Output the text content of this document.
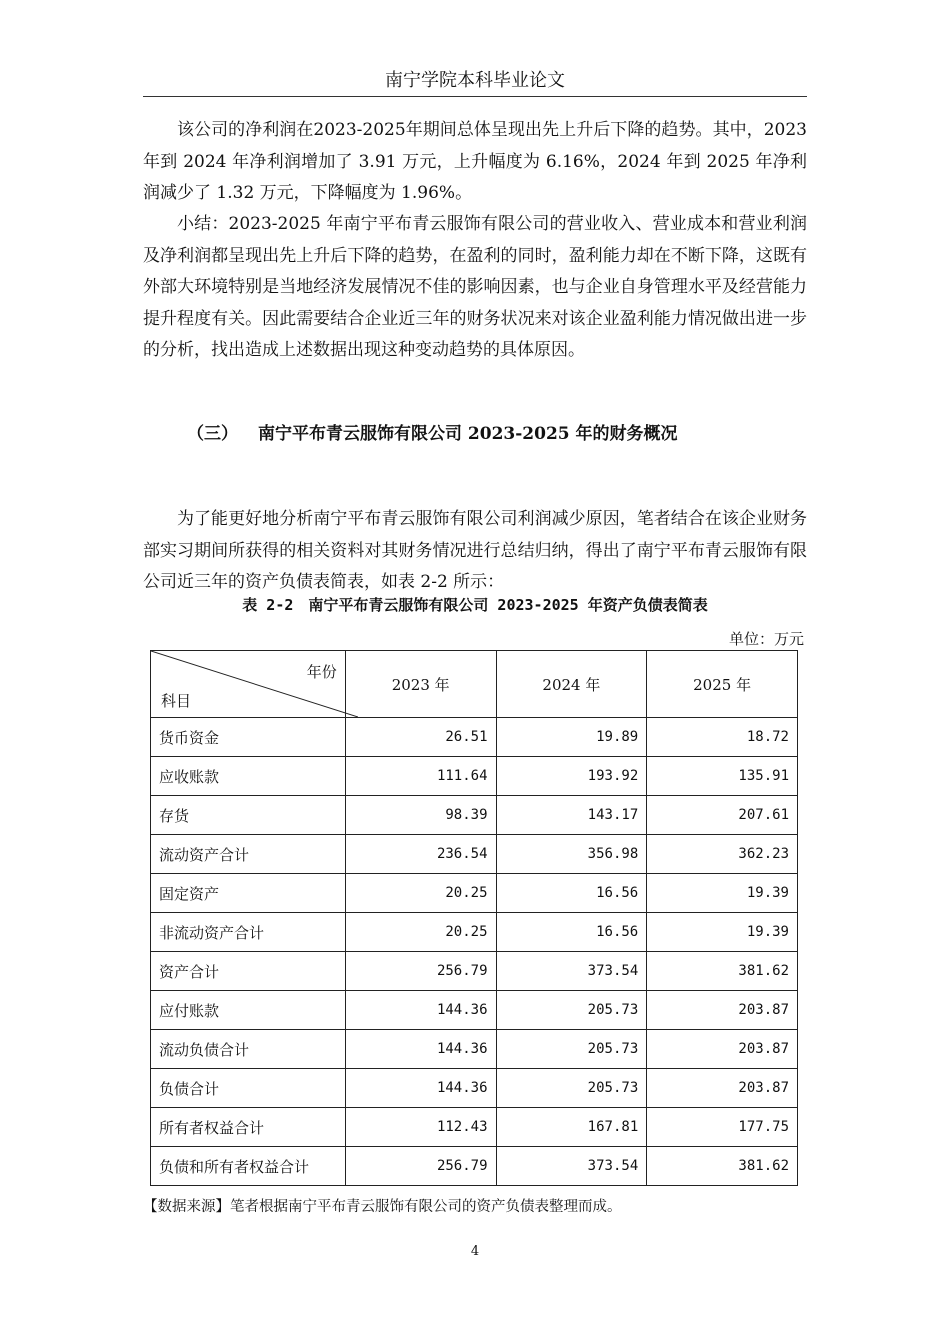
南宁学院本科毕业论文

该公司的净利润在2023-2025年期间总体呈现出先上升后下降的趋势。其中，2023 年到 2024 年净利润增加了 3.91 万元，上升幅度为 6.16%，2024 年到 2025 年净利润减少了 1.32 万元，下降幅度为 1.96%。

小结：2023-2025 年南宁平布青云服饰有限公司的营业收入、营业成本和营业利润及净利润都呈现出先上升后下降的趋势，在盈利的同时，盈利能力却在不断下降，这既有外部大环境特别是当地经济发展情况不佳的影响因素，也与企业自身管理水平及经营能力提升程度有关。因此需要结合企业近三年的财务状况来对该企业盈利能力情况做出进一步的分析，找出造成上述数据出现这种变动趋势的具体原因。

（三） 南宁平布青云服饰有限公司 2023-2025 年的财务概况

为了能更好地分析南宁平布青云服饰有限公司利润减少原因，笔者结合在该企业财务部实习期间所获得的相关资料对其财务情况进行总结归纳，得出了南宁平布青云服饰有限公司近三年的资产负债表简表，如表 2-2 所示：

表 2-2　南宁平布青云服饰有限公司 2023-2025 年资产负债表简表
单位：万元
年份
科目	2023 年	2024 年	2025 年
货币资金	26.51	19.89	18.72
应收账款	111.64	193.92	135.91
存货	98.39	143.17	207.61
流动资产合计	236.54	356.98	362.23
固定资产	20.25	16.56	19.39
非流动资产合计	20.25	16.56	19.39
资产合计	256.79	373.54	381.62
应付账款	144.36	205.73	203.87
流动负债合计	144.36	205.73	203.87
负债合计	144.36	205.73	203.87
所有者权益合计	112.43	167.81	177.75
负债和所有者权益合计	256.79	373.54	381.62
【数据来源】笔者根据南宁平布青云服饰有限公司的资产负债表整理而成。
4
